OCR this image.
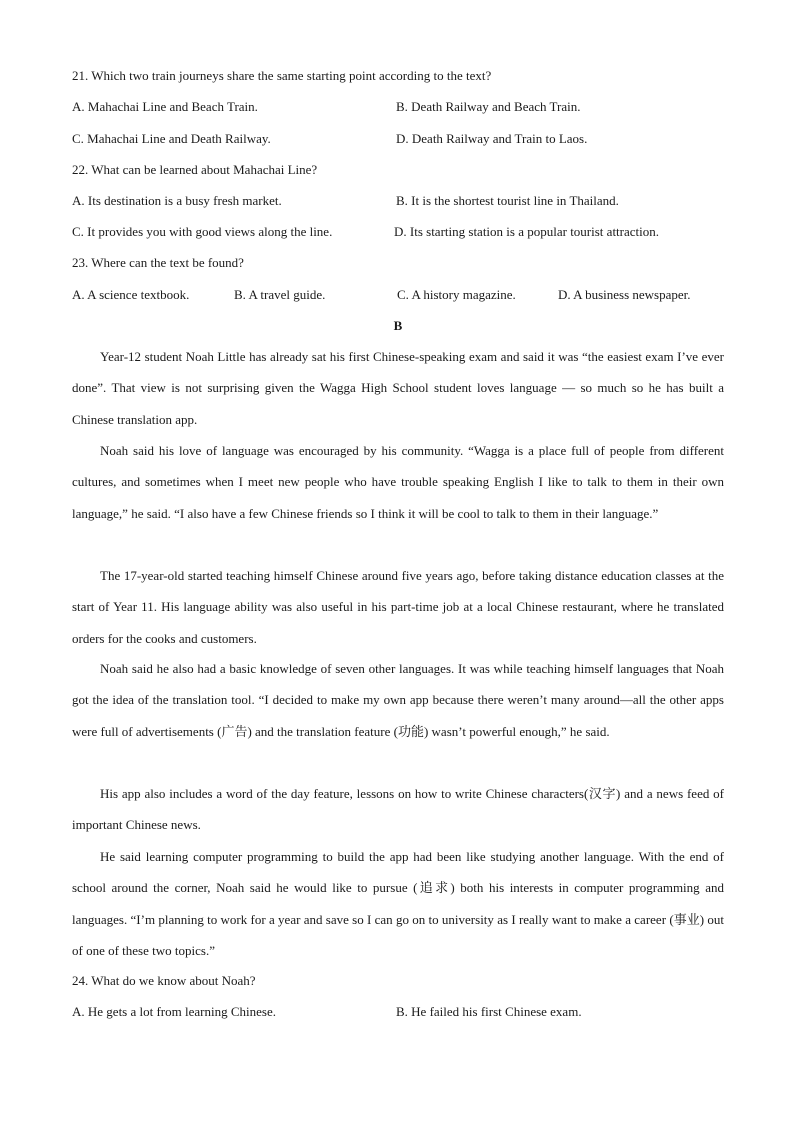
21. Which two train journeys share the same starting point according to the text?
A. Mahachai Line and Beach Train.	B. Death Railway and Beach Train.
C. Mahachai Line and Death Railway.	D. Death Railway and Train to Laos.
22. What can be learned about Mahachai Line?
A. Its destination is a busy fresh market.	B. It is the shortest tourist line in Thailand.
C. It provides you with good views along the line.	D. Its starting station is a popular tourist attraction.
23. Where can the text be found?
A. A science textbook.	B. A travel guide.	C. A history magazine.	D. A business newspaper.
B

Year-12 student Noah Little has already sat his first Chinese-speaking exam and said it was “the easiest exam I’ve ever done”. That view is not surprising given the Wagga High School student loves language — so much so he has built a Chinese translation app.

Noah said his love of language was encouraged by his community. “Wagga is a place full of people from different cultures, and sometimes when I meet new people who have trouble speaking English I like to talk to them in their own language,” he said. “I also have a few Chinese friends so I think it will be cool to talk to them in their language.”

The 17-year-old started teaching himself Chinese around five years ago, before taking distance education classes at the start of Year 11. His language ability was also useful in his part-time job at a local Chinese restaurant, where he translated orders for the cooks and customers.

Noah said he also had a basic knowledge of seven other languages. It was while teaching himself languages that Noah got the idea of the translation tool. “I decided to make my own app because there weren’t many around—all the other apps were full of advertisements (广告) and the translation feature (功能) wasn’t powerful enough,” he said.

His app also includes a word of the day feature, lessons on how to write Chinese characters(汉字) and a news feed of important Chinese news.

He said learning computer programming to build the app had been like studying another language. With the end of school around the corner, Noah said he would like to pursue (追求) both his interests in computer programming and languages. “I’m planning to work for a year and save so I can go on to university as I really want to make a career (事业) out of one of these two topics.”

24. What do we know about Noah?
A. He gets a lot from learning Chinese.	B. He failed his first Chinese exam.
